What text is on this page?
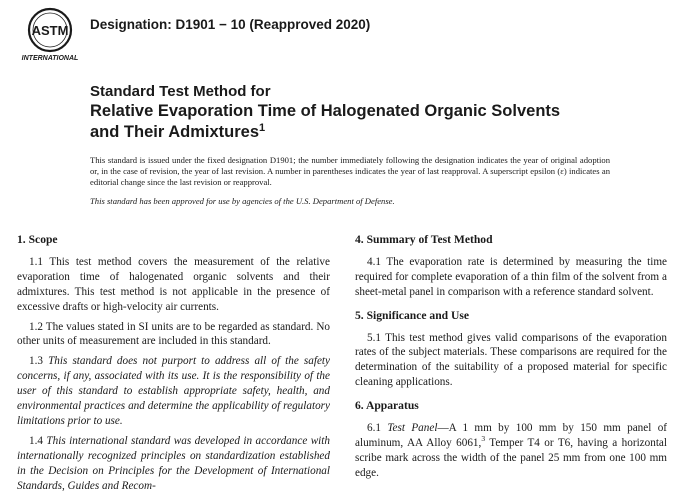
ASTM
INTERNATIONAL
Designation: D1901 − 10 (Reapproved 2020)
Standard Test Method for
Relative Evaporation Time of Halogenated Organic Solvents
and Their Admixtures$^1$

This standard is issued under the fixed designation D1901; the number immediately following the designation indicates the year of original adoption or, in the case of revision, the year of last revision. A number in parentheses indicates the year of last reapproval. A superscript epsilon (ε) indicates an editorial change since the last revision or reapproval.

This standard has been approved for use by agencies of the U.S. Department of Defense.

1. Scope

1.1 This test method covers the measurement of the relative evaporation time of halogenated organic solvents and their admixtures. This test method is not applicable in the presence of excessive drafts or high-velocity air currents.

1.2 The values stated in SI units are to be regarded as standard. No other units of measurement are included in this standard.

1.3 This standard does not purport to address all of the safety concerns, if any, associated with its use. It is the responsibility of the user of this standard to establish appropriate safety, health, and environmental practices and determine the applicability of regulatory limitations prior to use.

1.4 This international standard was developed in accordance with internationally recognized principles on standardization established in the Decision on Principles for the Development of International Standards, Guides and Recom-

4. Summary of Test Method

4.1 The evaporation rate is determined by measuring the time required for complete evaporation of a thin film of the solvent from a sheet-metal panel in comparison with a reference standard solvent.

5. Significance and Use

5.1 This test method gives valid comparisons of the evaporation rates of the subject materials. These comparisons are required for the determination of the suitability of a proposed material for specific cleaning applications.

6. Apparatus

6.1 Test Panel—A 1 mm by 100 mm by 150 mm panel of aluminum, AA Alloy 6061,$^3$ Temper T4 or T6, having a horizontal scribe mark across the width of the panel 25 mm from one 100 mm edge.
